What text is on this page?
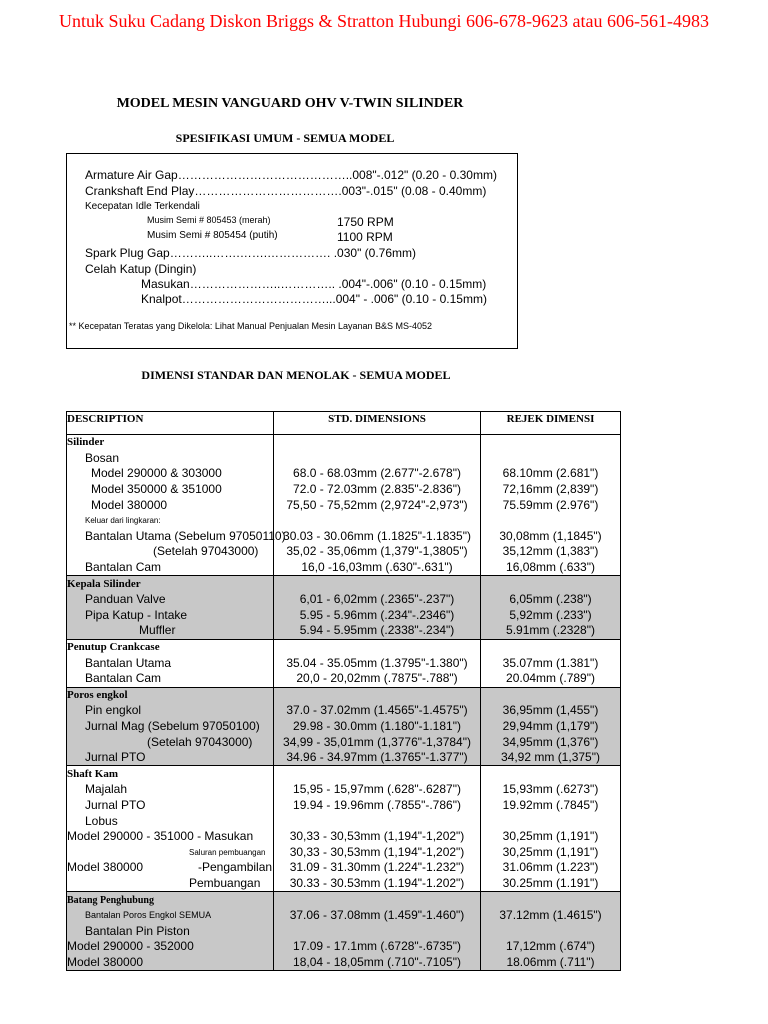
Untuk Suku Cadang Diskon Briggs & Stratton Hubungi 606-678-9623 atau 606-561-4983
MODEL MESIN VANGUARD OHV V-TWIN SILINDER
SPESIFIKASI UMUM - SEMUA MODEL
Armature Air Gap……………………………………..008"-.012" (0.20 - 0.30mm)
Crankshaft End Play……………………………….003"-.015" (0.08 - 0.40mm)
Kecepatan Idle Terkendali
Musim Semi # 805453 (merah)	1750 RPM
Musim Semi # 805454 (putih)	1100 RPM
Spark Plug Gap………..…….…….……………. .030" (0.76mm)
Celah Katup (Dingin)
Masukan…………………..………….. .004"-.006" (0.10 - 0.15mm)
Knalpot………………………………...004" - .006" (0.10 - 0.15mm)
** Kecepatan Teratas yang Dikelola: Lihat Manual Penjualan Mesin Layanan B&S MS-4052
DIMENSI STANDAR DAN MENOLAK - SEMUA MODEL
DESCRIPTION	STD. DIMENSIONS	REJEK DIMENSI
Silinder		
Bosan		
Model 290000 & 303000	68.0 - 68.03mm (2.677"-2.678")	68.10mm (2.681")
Model 350000 & 351000	72.0 - 72.03mm (2.835"-2.836")	72,16mm (2,839")
Model 380000	75,50 - 75,52mm (2,9724"-2,973")	75.59mm (2.976")
Keluar dari lingkaran:		
Bantalan Utama (Sebelum 97050110)	30.03 - 30.06mm (1.1825"-1.1835")	30,08mm (1,1845")
(Setelah 97043000)	35,02 - 35,06mm (1,379"-1,3805")	35,12mm (1,383")
Bantalan Cam	16,0 -16,03mm (.630"-.631")	16,08mm (.633")
Kepala Silinder		
Panduan Valve	6,01 - 6,02mm (.2365"-.237")	6,05mm (.238")
Pipa Katup - Intake	5.95 - 5.96mm (.234"-.2346")	5,92mm (.233")
Muffler	5.94 - 5.95mm (.2338"-.234")	5.91mm (.2328")
Penutup Crankcase		
Bantalan Utama	35.04 - 35.05mm (1.3795"-1.380")	35.07mm (1.381")
Bantalan Cam	20,0 - 20,02mm (.7875"-.788")	20.04mm (.789")
Poros engkol		
Pin engkol	37.0 - 37.02mm (1.4565"-1.4575")	36,95mm (1,455")
Jurnal Mag (Sebelum 97050100)	29.98 - 30.0mm (1.180"-1.181")	29,94mm (1,179")
(Setelah 97043000)	34,99 - 35,01mm (1,3776"-1,3784")	34,95mm (1,376")
Jurnal PTO	34.96 - 34.97mm (1.3765"-1.377")	34,92 mm (1,375")
Shaft Kam		
Majalah	15,95 - 15,97mm (.628"-.6287")	15,93mm (.6273")
Jurnal PTO	19.94 - 19.96mm (.7855"-.786")	19.92mm (.7845")
Lobus		
Model 290000 - 351000 - Masukan	30,33 - 30,53mm (1,194"-1,202")	30,25mm (1,191")
Saluran pembuangan	30,33 - 30,53mm (1,194"-1,202")	30,25mm (1,191")
Model 380000 -Pengambilan	31.09 - 31.30mm (1.224"-1.232")	31.06mm (1.223")
Pembuangan	30.33 - 30.53mm (1.194"-1.202")	30.25mm (1.191")
Batang Penghubung		
Bantalan Poros Engkol SEMUA	37.06 - 37.08mm (1.459"-1.460")	37.12mm (1.4615")
Bantalan Pin Piston		
Model 290000 - 352000	17.09 - 17.1mm (.6728"-.6735")	17,12mm (.674")
Model 380000	18,04 - 18,05mm (.710"-.7105")	18.06mm (.711")
